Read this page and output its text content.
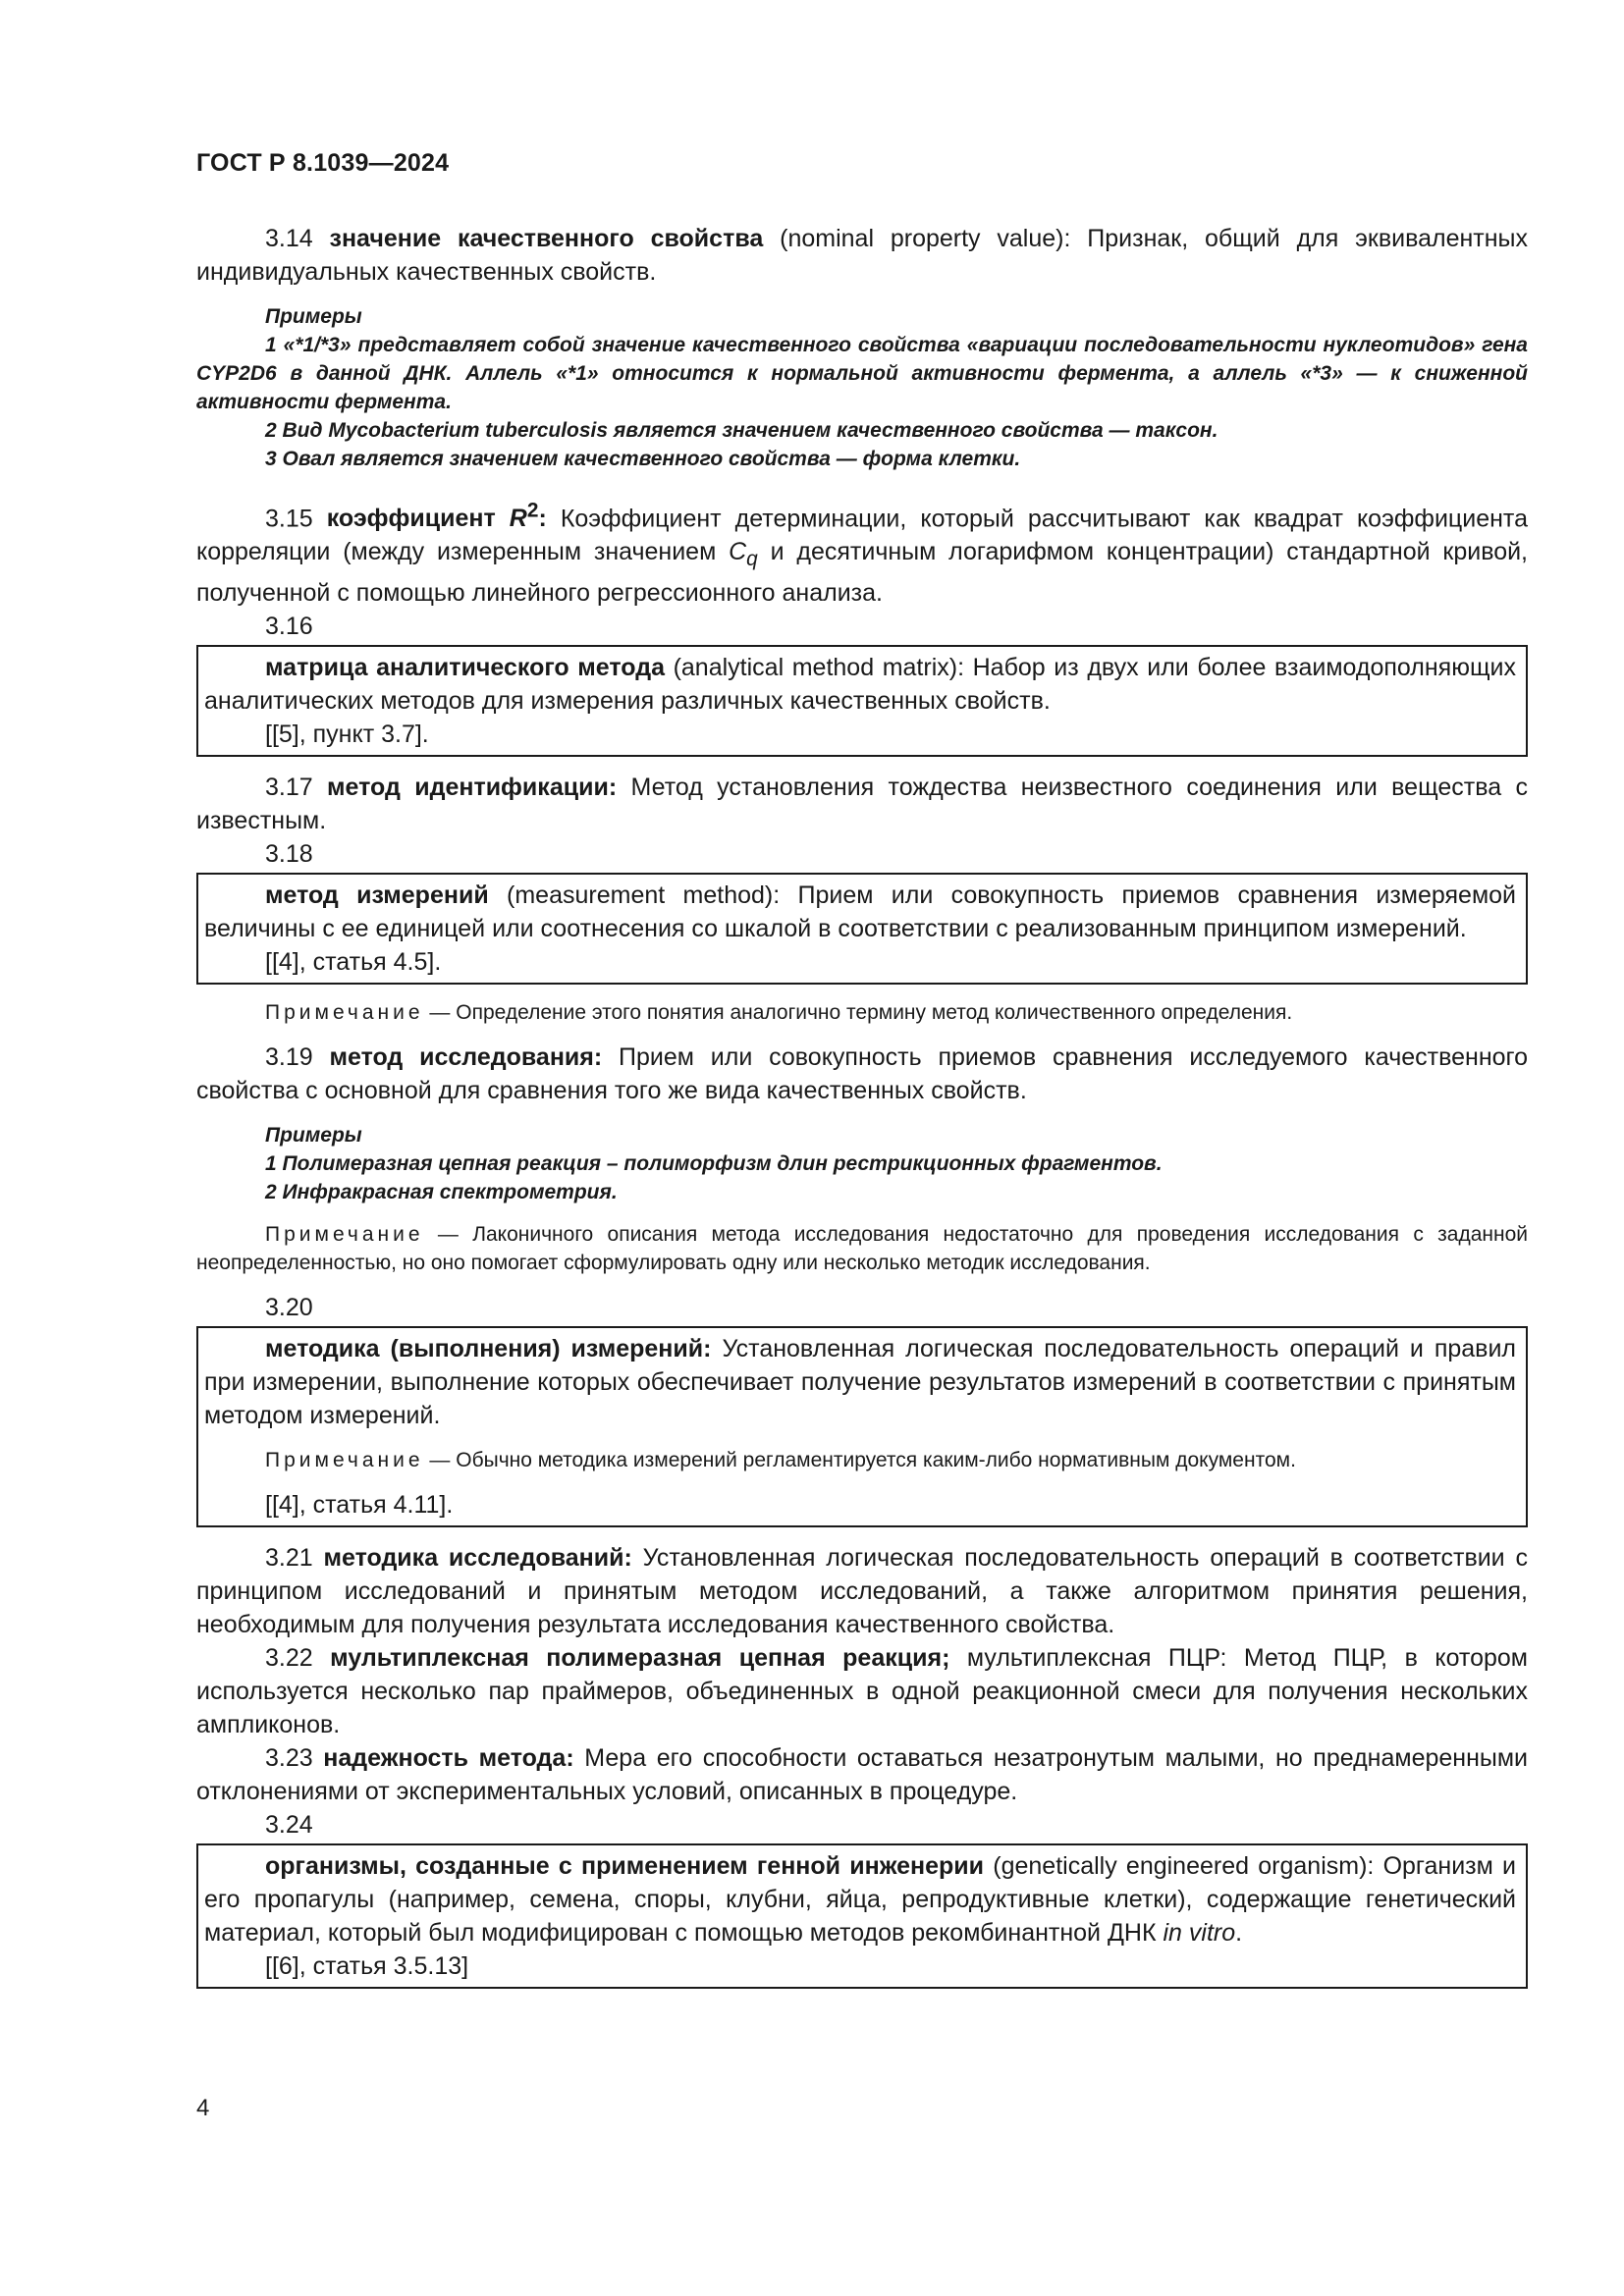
ГОСТ Р 8.1039—2024

3.14 значение качественного свойства (nominal property value): Признак, общий для эквивалентных индивидуальных качественных свойств.

Примеры

1 «*1/*3» представляет собой значение качественного свойства «вариации последовательности нуклеотидов» гена CYP2D6 в данной ДНК. Аллель «*1» относится к нормальной активности фермента, а аллель «*3» — к сниженной активности фермента.

2 Вид Mycobacterium tuberculosis является значением качественного свойства — таксон.

3 Овал является значением качественного свойства — форма клетки.

3.15 коэффициент $R^2$: Коэффициент детерминации, который рассчитывают как квадрат коэффициента корреляции (между измеренным значением $C_q$ и десятичным логарифмом концентрации) стандартной кривой, полученной с помощью линейного регрессионного анализа.

3.16

матрица аналитического метода (analytical method matrix): Набор из двух или более взаимодополняющих аналитических методов для измерения различных качественных свойств.

[[5], пункт 3.7].

3.17 метод идентификации: Метод установления тождества неизвестного соединения или вещества с известным.

3.18

метод измерений (measurement method): Прием или совокупность приемов сравнения измеряемой величины с ее единицей или соотнесения со шкалой в соответствии с реализованным принципом измерений.

[[4], статья 4.5].

Примечание — Определение этого понятия аналогично термину метод количественного определения.

3.19 метод исследования: Прием или совокупность приемов сравнения исследуемого качественного свойства с основной для сравнения того же вида качественных свойств.

Примеры

1 Полимеразная цепная реакция – полиморфизм длин рестрикционных фрагментов.

2 Инфракрасная спектрометрия.

Примечание — Лаконичного описания метода исследования недостаточно для проведения исследования с заданной неопределенностью, но оно помогает сформулировать одну или несколько методик исследования.

3.20

методика (выполнения) измерений: Установленная логическая последовательность операций и правил при измерении, выполнение которых обеспечивает получение результатов измерений в соответствии с принятым методом измерений.

Примечание — Обычно методика измерений регламентируется каким-либо нормативным документом.

[[4], статья 4.11].

3.21 методика исследований: Установленная логическая последовательность операций в соответствии с принципом исследований и принятым методом исследований, а также алгоритмом принятия решения, необходимым для получения результата исследования качественного свойства.

3.22 мультиплексная полимеразная цепная реакция; мультиплексная ПЦР: Метод ПЦР, в котором используется несколько пар праймеров, объединенных в одной реакционной смеси для получения нескольких ампликонов.

3.23 надежность метода: Мера его способности оставаться незатронутым малыми, но преднамеренными отклонениями от экспериментальных условий, описанных в процедуре.

3.24

организмы, созданные с применением генной инженерии (genetically engineered organism): Организм и его пропагулы (например, семена, споры, клубни, яйца, репродуктивные клетки), содержащие генетический материал, который был модифицирован с помощью методов рекомбинантной ДНК in vitro.

[[6], статья 3.5.13]

4
